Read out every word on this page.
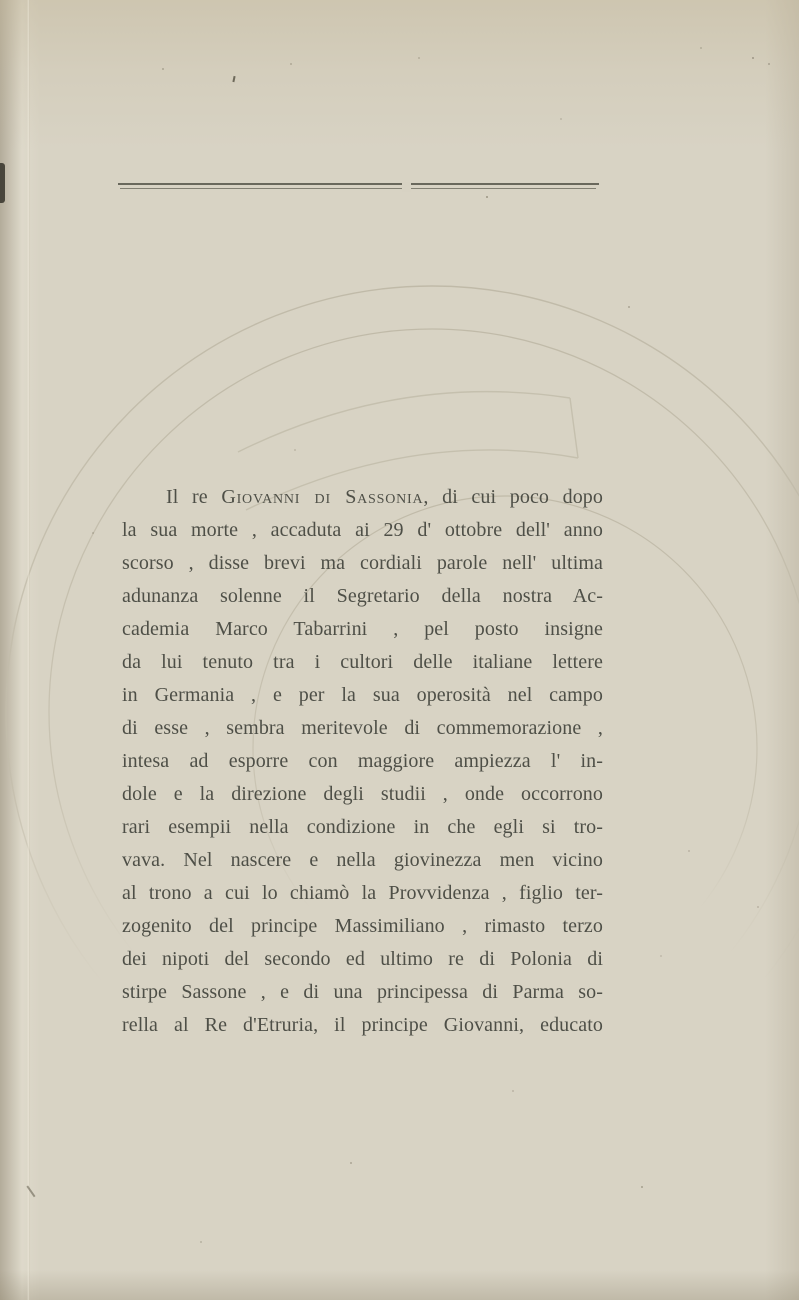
Il re Giovanni di Sassonia, di cui poco dopo
la sua morte , accaduta ai 29 d' ottobre dell' anno
scorso , disse brevi ma cordiali parole nell' ultima
adunanza solenne il Segretario della nostra Ac-
cademia Marco Tabarrini , pel posto insigne
da lui tenuto tra i cultori delle italiane lettere
in Germania , e per la sua operosità nel campo
di esse , sembra meritevole di commemorazione ,
intesa ad esporre con maggiore ampiezza l' in-
dole e la direzione degli studii , onde occorrono
rari esempii nella condizione in che egli si tro-
vava. Nel nascere e nella giovinezza men vicino
al trono a cui lo chiamò la Provvidenza , figlio ter-
zogenito del principe Massimiliano , rimasto terzo
dei nipoti del secondo ed ultimo re di Polonia di
stirpe Sassone , e di una principessa di Parma so-
rella al Re d'Etruria, il principe Giovanni, educato
